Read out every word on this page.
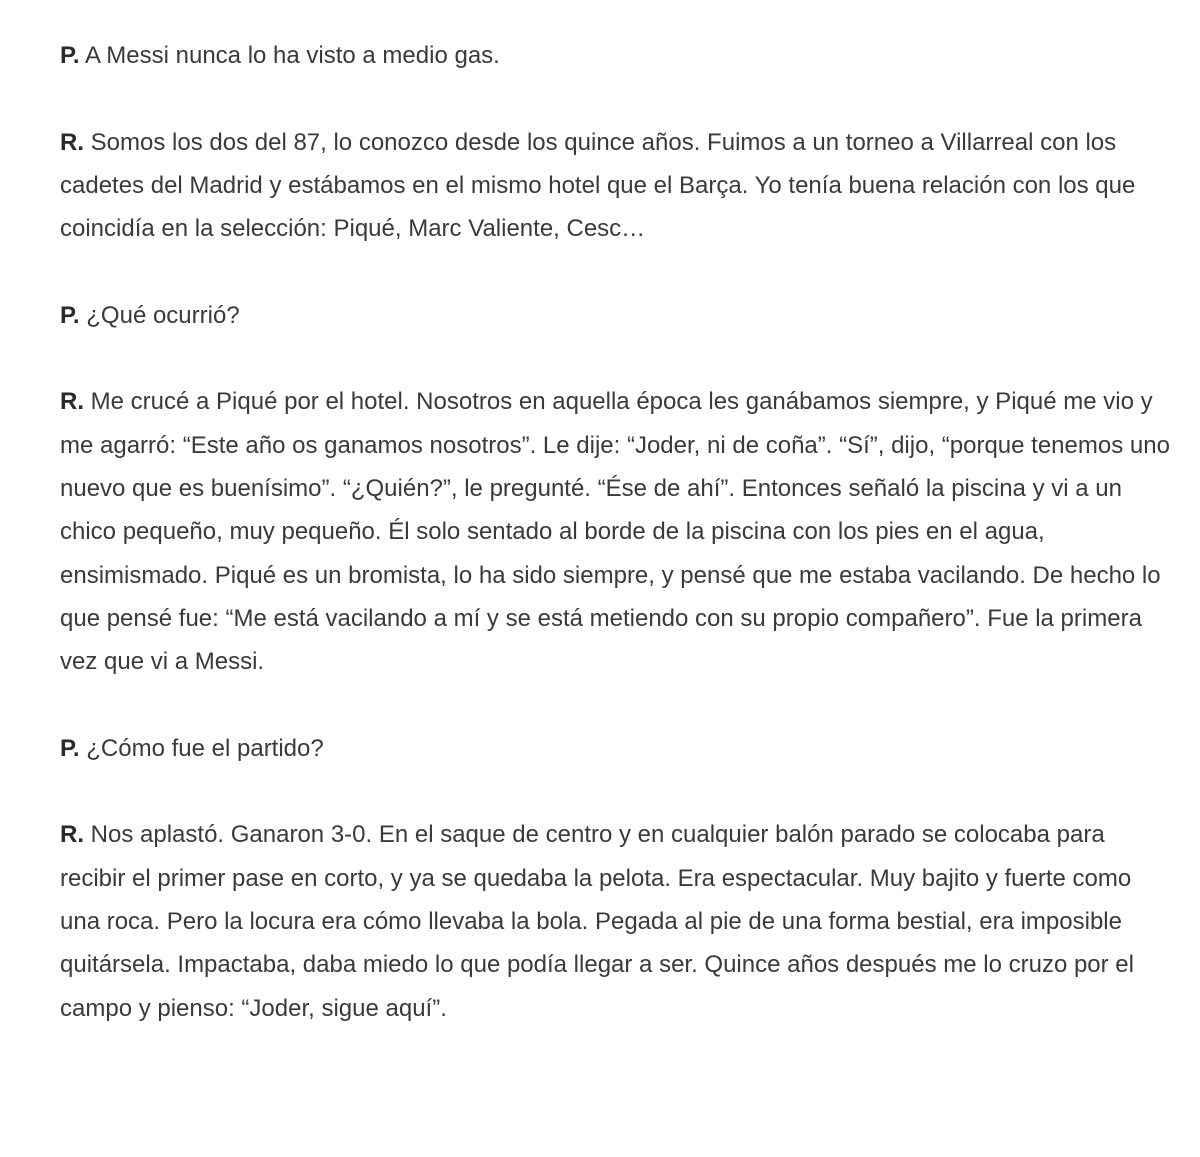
P. A Messi nunca lo ha visto a medio gas.

R. Somos los dos del 87, lo conozco desde los quince años. Fuimos a un torneo a Villarreal con los cadetes del Madrid y estábamos en el mismo hotel que el Barça. Yo tenía buena relación con los que coincidía en la selección: Piqué, Marc Valiente, Cesc…

P. ¿Qué ocurrió?

R. Me crucé a Piqué por el hotel. Nosotros en aquella época les ganábamos siempre, y Piqué me vio y me agarró: “Este año os ganamos nosotros”. Le dije: “Joder, ni de coña”. “Sí”, dijo, “porque tenemos uno nuevo que es buenísimo”. “¿Quién?”, le pregunté. “Ése de ahí”. Entonces señaló la piscina y vi a un chico pequeño, muy pequeño. Él solo sentado al borde de la piscina con los pies en el agua, ensimismado. Piqué es un bromista, lo ha sido siempre, y pensé que me estaba vacilando. De hecho lo que pensé fue: “Me está vacilando a mí y se está metiendo con su propio compañero”. Fue la primera vez que vi a Messi.

P. ¿Cómo fue el partido?

R. Nos aplastó. Ganaron 3-0. En el saque de centro y en cualquier balón parado se colocaba para recibir el primer pase en corto, y ya se quedaba la pelota. Era espectacular. Muy bajito y fuerte como una roca. Pero la locura era cómo llevaba la bola. Pegada al pie de una forma bestial, era imposible quitársela. Impactaba, daba miedo lo que podía llegar a ser. Quince años después me lo cruzo por el campo y pienso: “Joder, sigue aquí”.
